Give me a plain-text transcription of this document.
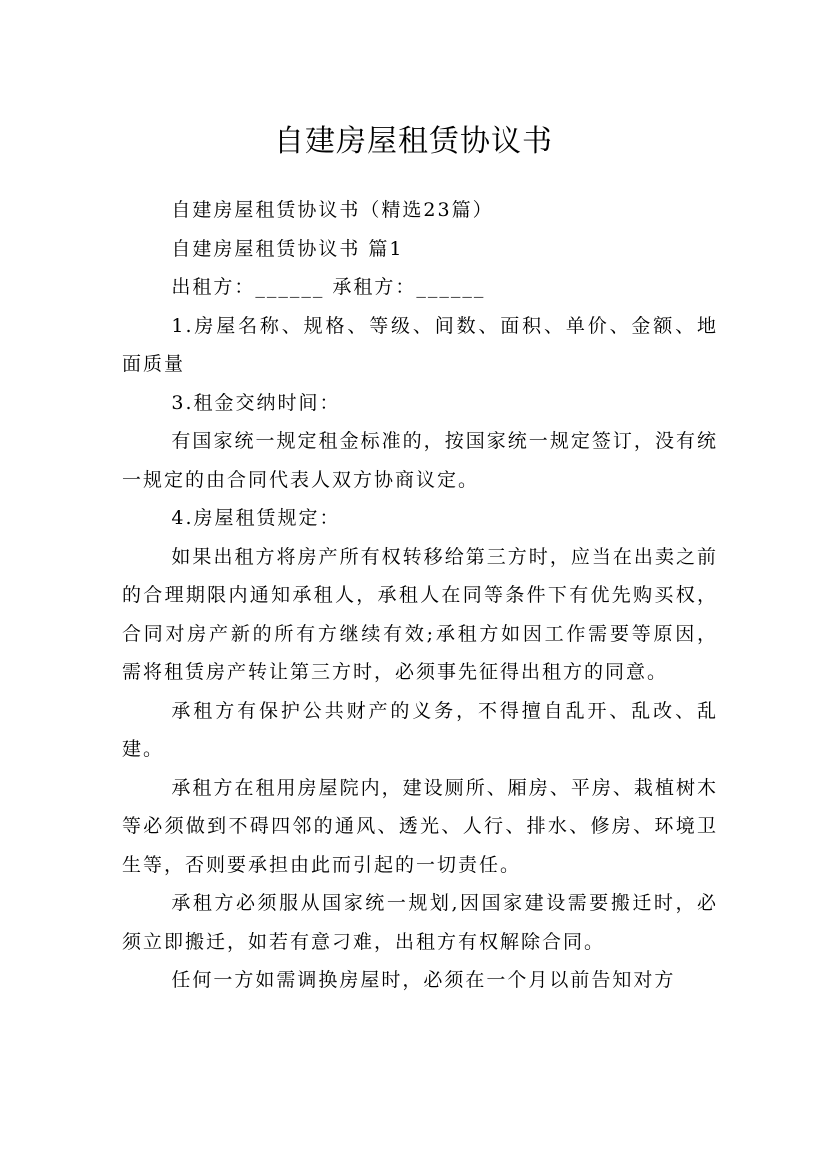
自建房屋租赁协议书

自建房屋租赁协议书（精选23篇）

自建房屋租赁协议书 篇1

出租方：______ 承租方：______

1.房屋名称、规格、等级、间数、面积、单价、金额、地面质量

3.租金交纳时间：

有国家统一规定租金标准的，按国家统一规定签订，没有统一规定的由合同代表人双方协商议定。

4.房屋租赁规定：

如果出租方将房产所有权转移给第三方时，应当在出卖之前的合理期限内通知承租人，承租人在同等条件下有优先购买权，合同对房产新的所有方继续有效;承租方如因工作需要等原因，需将租赁房产转让第三方时，必须事先征得出租方的同意。

承租方有保护公共财产的义务，不得擅自乱开、乱改、乱建。

承租方在租用房屋院内，建设厕所、厢房、平房、栽植树木等必须做到不碍四邻的通风、透光、人行、排水、修房、环境卫生等，否则要承担由此而引起的一切责任。

承租方必须服从国家统一规划,因国家建设需要搬迁时，必须立即搬迁，如若有意刁难，出租方有权解除合同。

任何一方如需调换房屋时，必须在一个月以前告知对方
